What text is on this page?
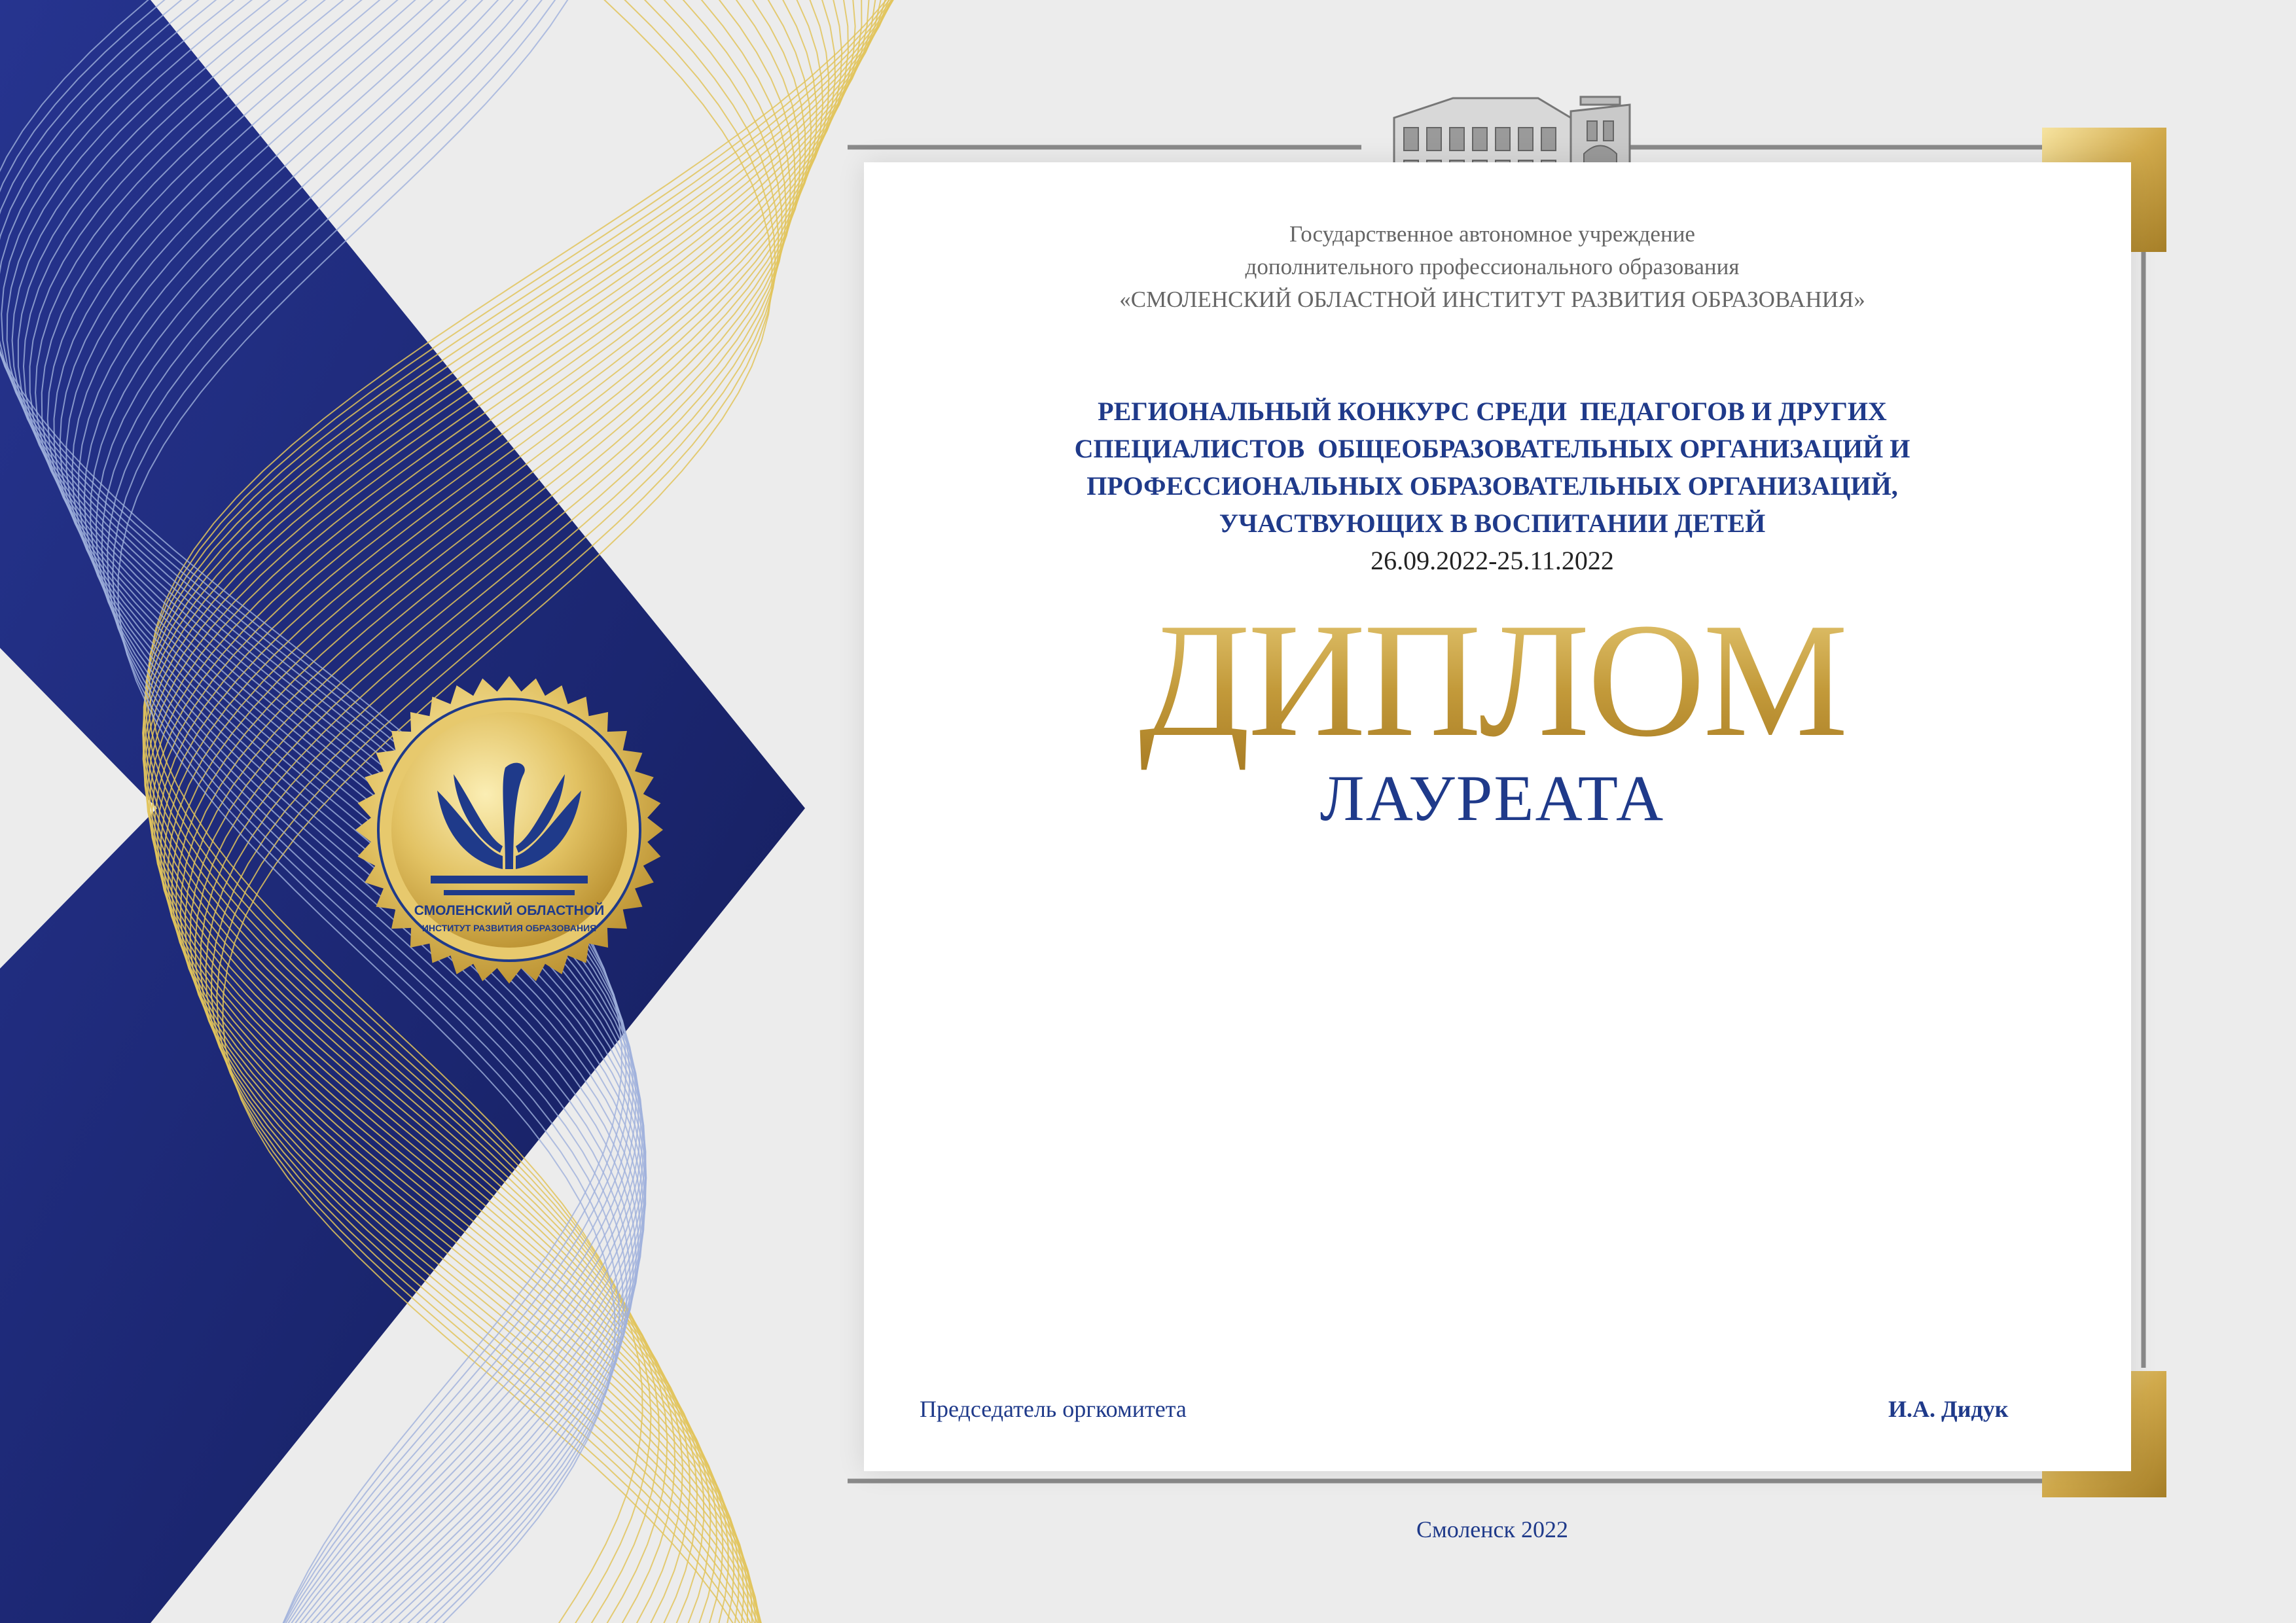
СМОЛЕНСКИЙ ОБЛАСТНОЙ
ИНСТИТУТ РАЗВИТИЯ ОБРАЗОВАНИЯ
Государственное автономное учреждение
дополнительного профессионального образования
«СМОЛЕНСКИЙ ОБЛАСТНОЙ ИНСТИТУТ РАЗВИТИЯ ОБРАЗОВАНИЯ»
РЕГИОНАЛЬНЫЙ КОНКУРС СРЕДИ  ПЕДАГОГОВ И ДРУГИХ
СПЕЦИАЛИСТОВ  ОБЩЕОБРАЗОВАТЕЛЬНЫХ ОРГАНИЗАЦИЙ И
ПРОФЕССИОНАЛЬНЫХ ОБРАЗОВАТЕЛЬНЫХ ОРГАНИЗАЦИЙ,
УЧАСТВУЮЩИХ В ВОСПИТАНИИ ДЕТЕЙ
26.09.2022-25.11.2022
ДИПЛОМ
ЛАУРЕАТА
Председатель оргкомитета	И.А. Дидук
Смоленск 2022
